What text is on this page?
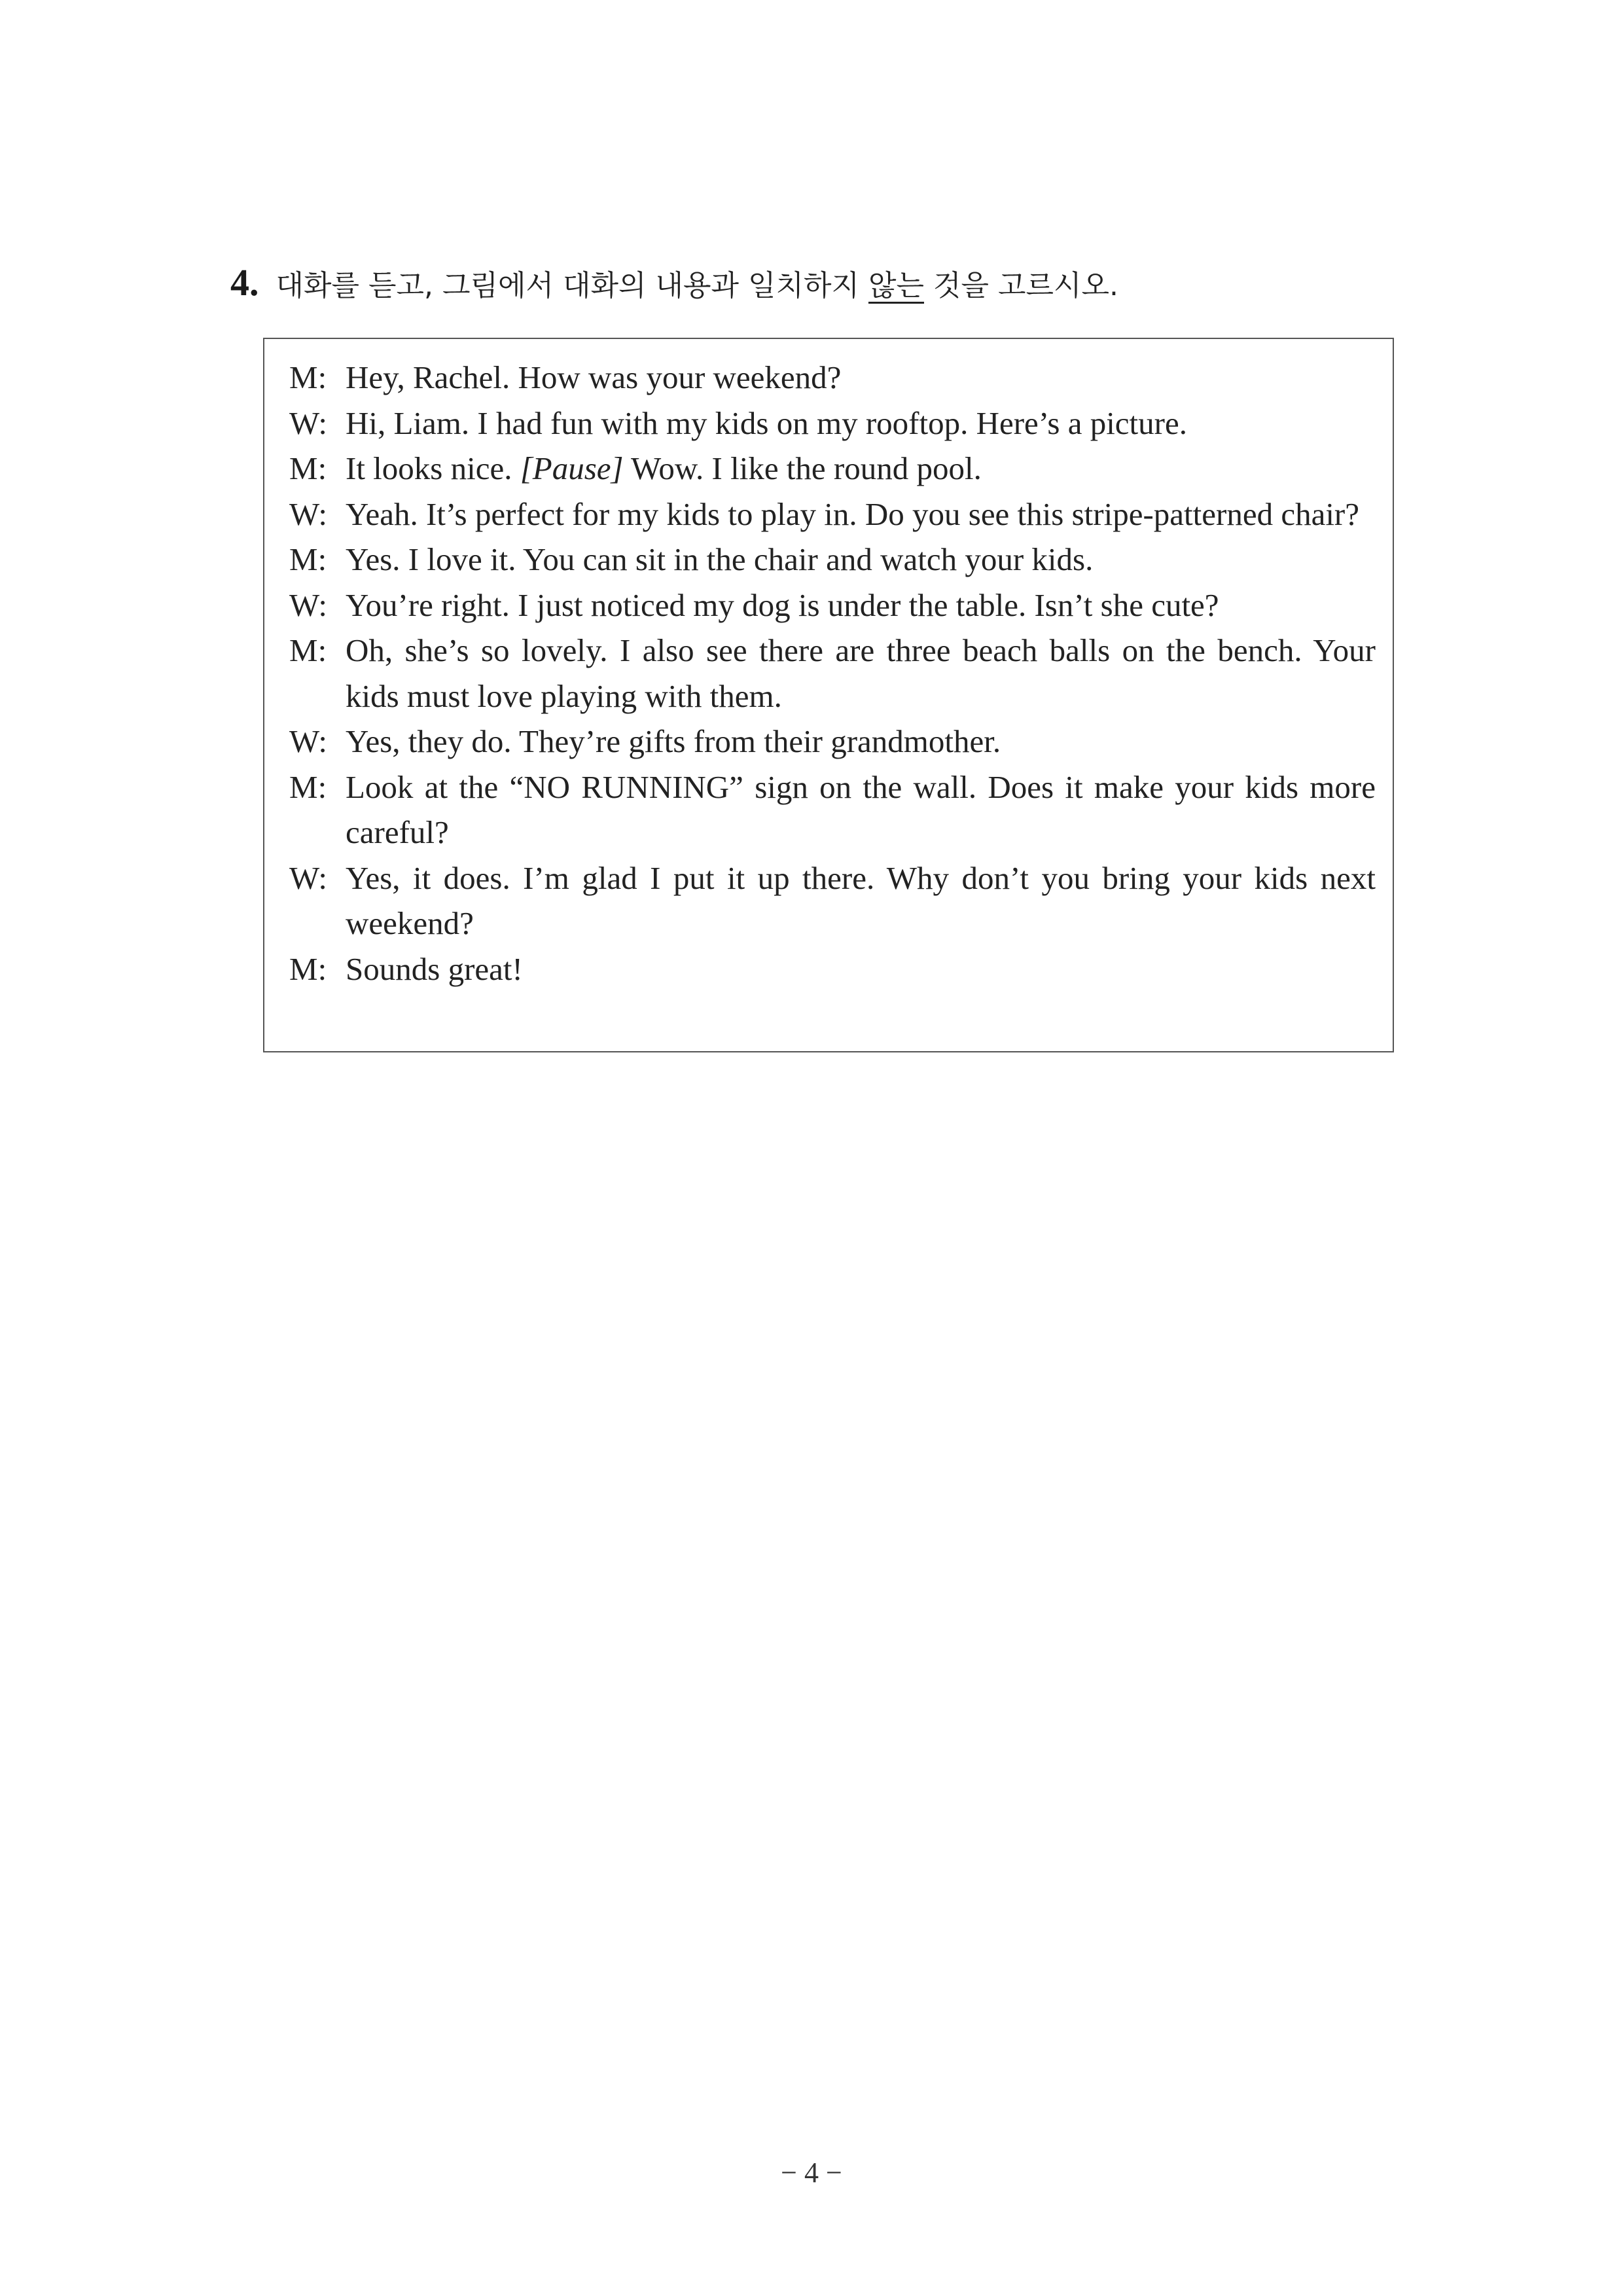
4. 대화를 듣고, 그림에서 대화의 내용과 일치하지 않는 것을 고르시오.
M: Hey, Rachel. How was your weekend?
W: Hi, Liam. I had fun with my kids on my rooftop. Here’s a picture.
M: It looks nice. [Pause] Wow. I like the round pool.
W: Yeah. It’s perfect for my kids to play in. Do you see this stripe-patterned chair?
M: Yes. I love it. You can sit in the chair and watch your kids.
W: You’re right. I just noticed my dog is under the table. Isn’t she cute?
M: Oh, she’s so lovely. I also see there are three beach balls on the bench. Your kids must love playing with them.
W: Yes, they do. They’re gifts from their grandmother.
M: Look at the “NO RUNNING” sign on the wall. Does it make your kids more careful?
W: Yes, it does. I’m glad I put it up there. Why don’t you bring your kids next weekend?
M: Sounds great!
− 4 −
